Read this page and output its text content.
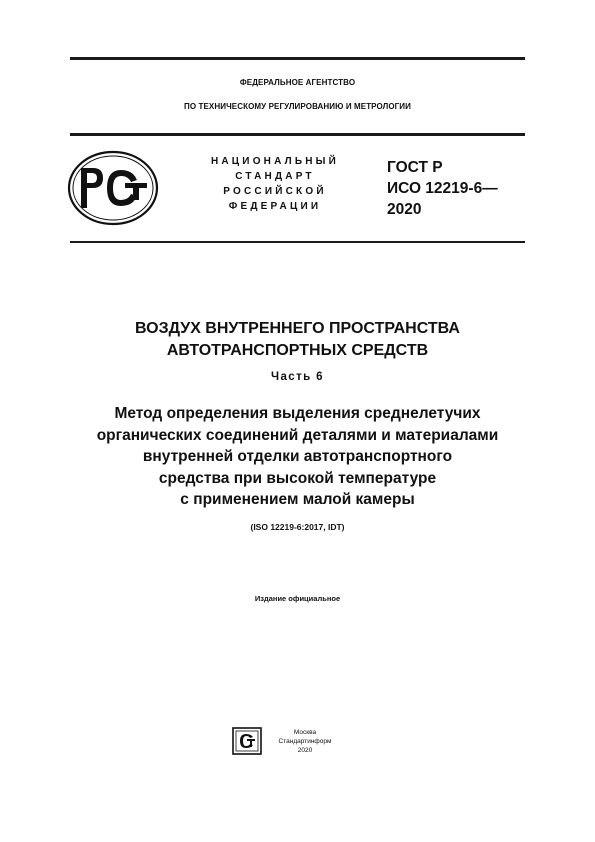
ФЕДЕРАЛЬНОЕ АГЕНТСТВО
ПО ТЕХНИЧЕСКОМУ РЕГУЛИРОВАНИЮ И МЕТРОЛОГИИ
НАЦИОНАЛЬНЫЙ
СТАНДАРТ
РОССИЙСКОЙ
ФЕДЕРАЦИИ
ГОСТ Р
ИСО 12219-6—
2020
ВОЗДУХ ВНУТРЕННЕГО ПРОСТРАНСТВА
АВТОТРАНСПОРТНЫХ СРЕДСТВ
Часть 6
Метод определения выделения среднелетучих
органических соединений деталями и материалами
внутренней отделки автотранспортного
средства при высокой температуре
с применением малой камеры
(ISO 12219-6:2017, IDT)
Издание официальное
Москва
Стандартинформ
2020
